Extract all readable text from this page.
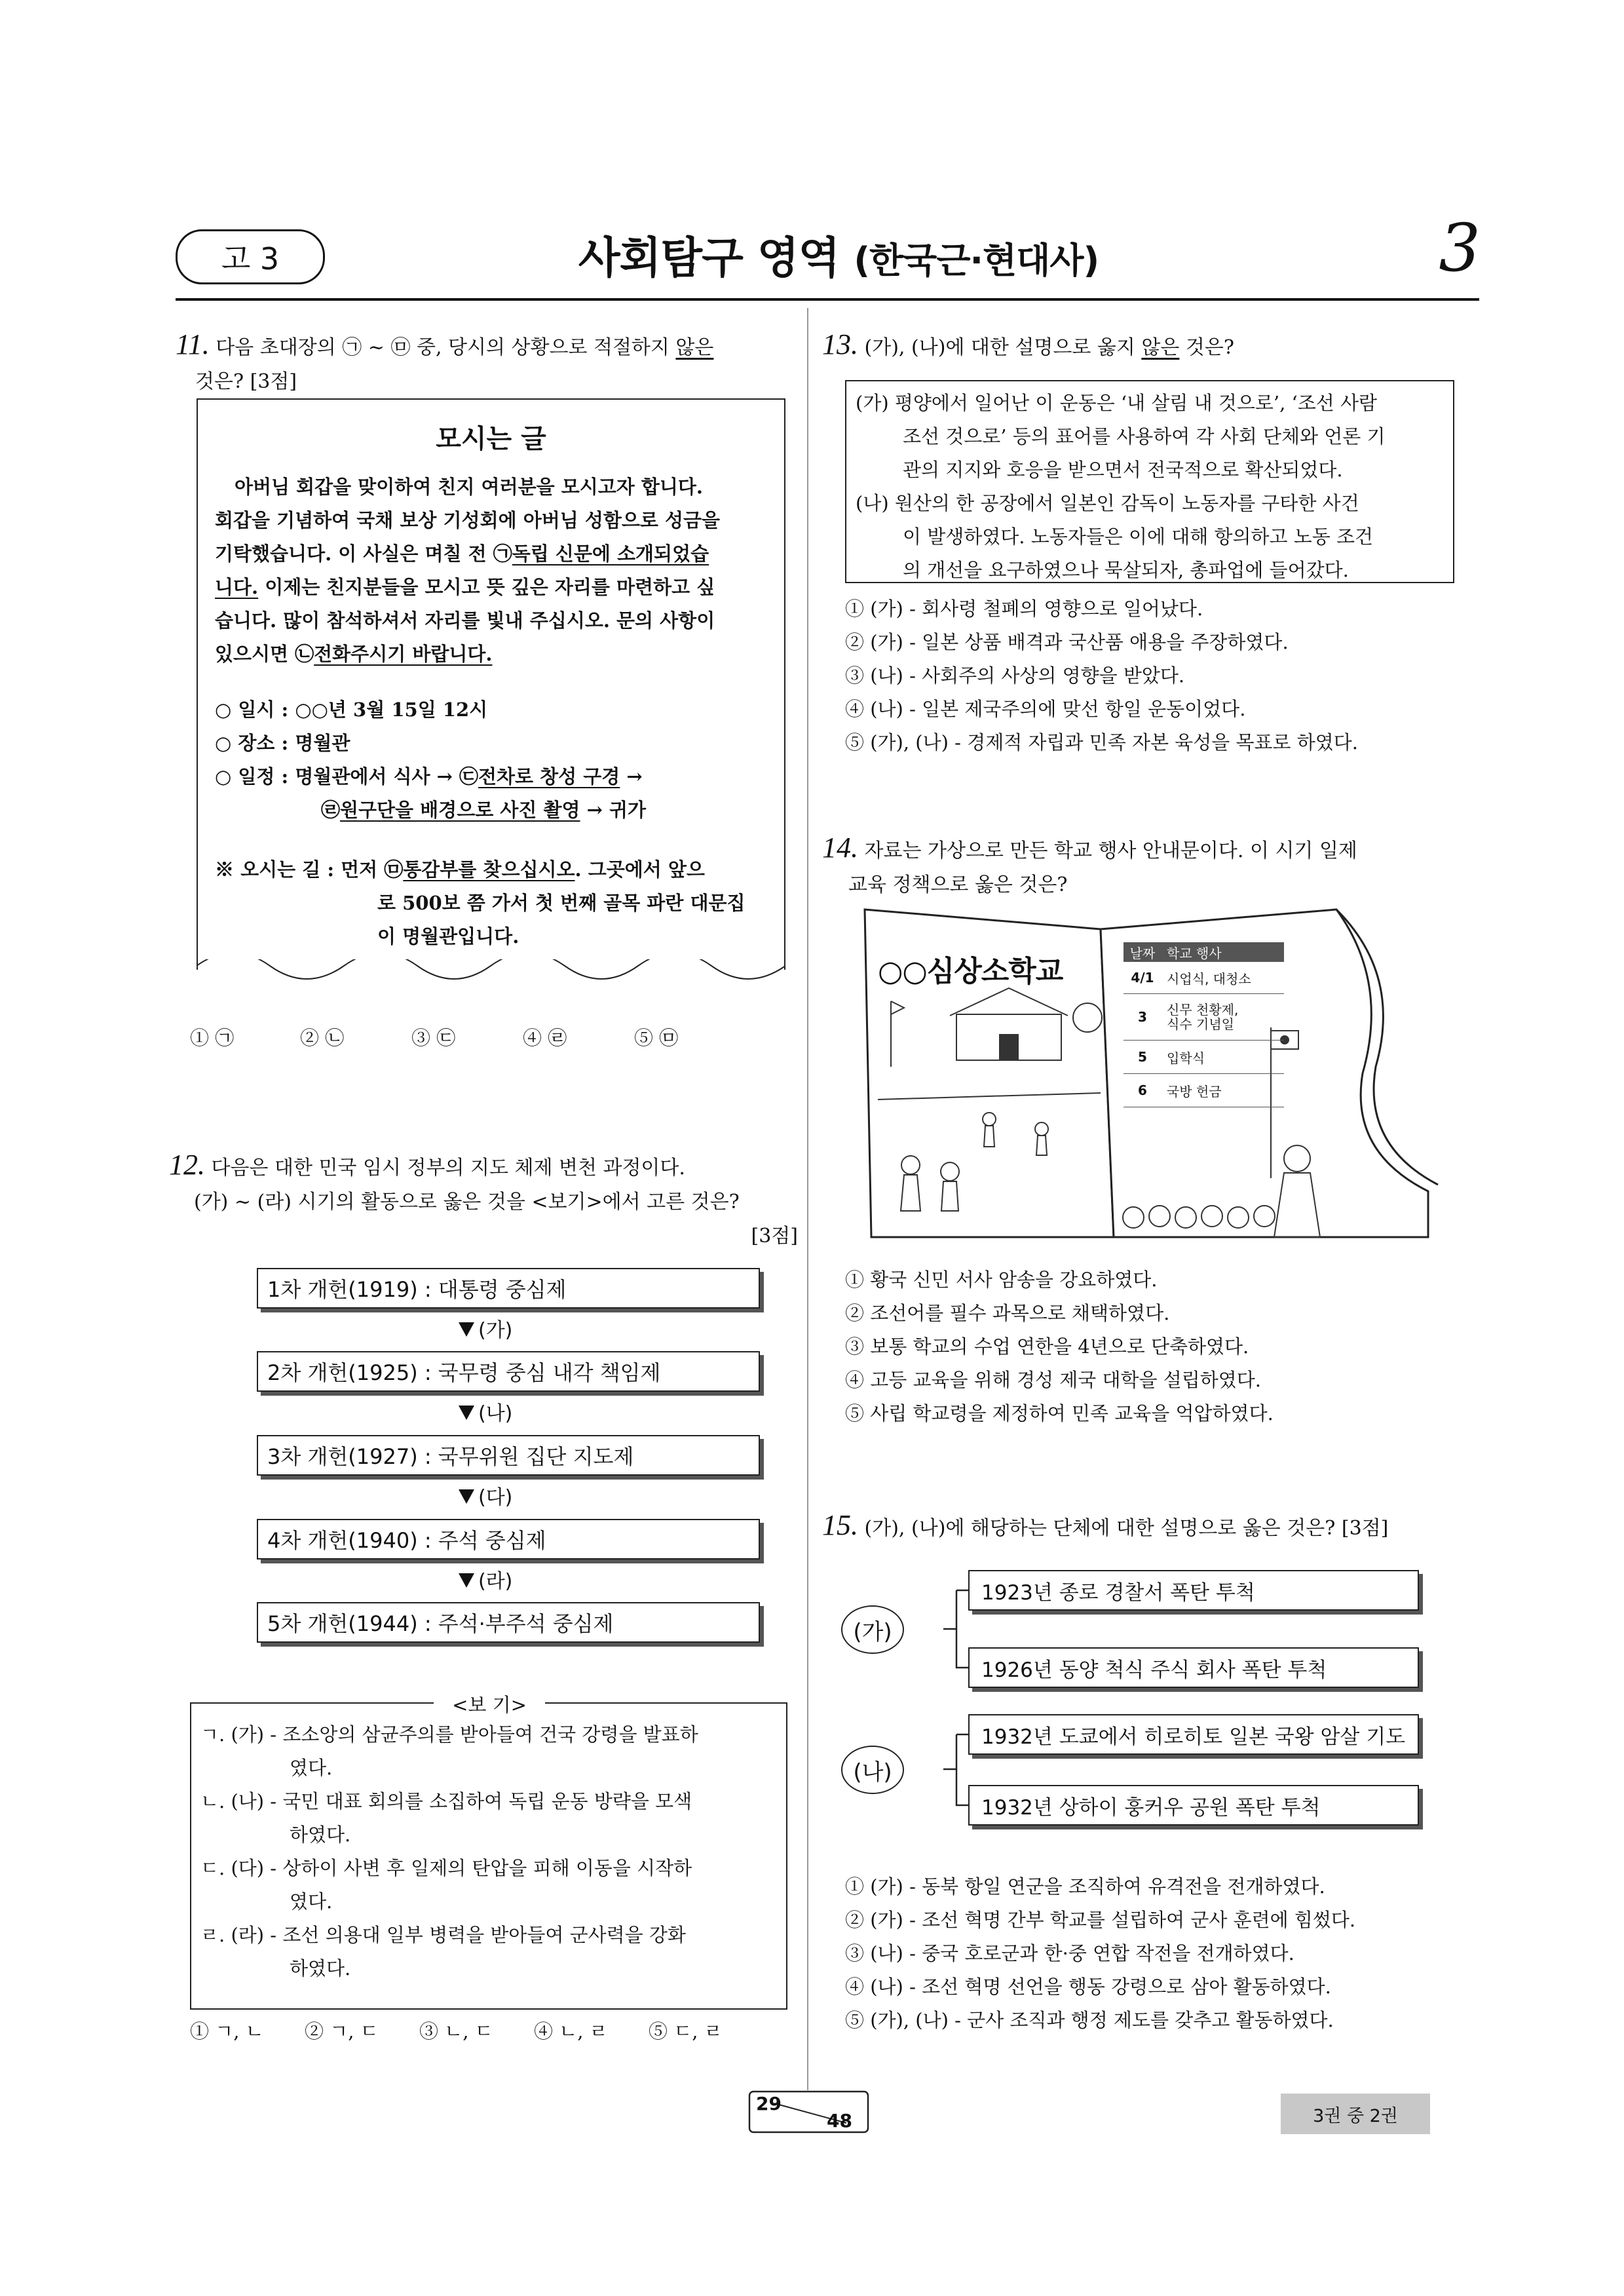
고 3	사회탐구 영역 (한국근·현대사)	3
11. 다음 초대장의 ㉠ ~ ㉤ 중, 당시의 상황으로 적절하지 않은
것은? [3점]
모시는 글
아버님 회갑을 맞이하여 친지 여러분을 모시고자 합니다.
회갑을 기념하여 국채 보상 기성회에 아버님 성함으로 성금을
기탁했습니다. 이 사실은 며칠 전 ㉠독립 신문에 소개되었습
니다. 이제는 친지분들을 모시고 뜻 깊은 자리를 마련하고 싶
습니다. 많이 참석하셔서 자리를 빛내 주십시오. 문의 사항이
있으시면 ㉡전화주시기 바랍니다.
○ 일시 : ○○년 3월 15일 12시
○ 장소 : 명월관
○ 일정 : 명월관에서 식사 → ㉢전차로 창성 구경 →
㉣원구단을 배경으로 사진 촬영 → 귀가
※ 오시는 길 : 먼저 ㉤통감부를 찾으십시오. 그곳에서 앞으
로 500보 쯤 가서 첫 번째 골목 파란 대문집
이 명월관입니다.
① ㉠	② ㉡	③ ㉢	④ ㉣	⑤ ㉤
12. 다음은 대한 민국 임시 정부의 지도 체제 변천 과정이다.
(가) ~ (라) 시기의 활동으로 옳은 것을 <보기>에서 고른 것은?
[3점]
1차 개헌(1919) : 대통령 중심제
(가)
2차 개헌(1925) : 국무령 중심 내각 책임제
(나)
3차 개헌(1927) : 국무위원 집단 지도제
(다)
4차 개헌(1940) : 주석 중심제
(라)
5차 개헌(1944) : 주석·부주석 중심제
<보 기>
ㄱ. (가) - 조소앙의 삼균주의를 받아들여 건국 강령을 발표하
였다.
ㄴ. (나) - 국민 대표 회의를 소집하여 독립 운동 방략을 모색
하였다.
ㄷ. (다) - 상하이 사변 후 일제의 탄압을 피해 이동을 시작하
였다.
ㄹ. (라) - 조선 의용대 일부 병력을 받아들여 군사력을 강화
하였다.
① ㄱ, ㄴ ② ㄱ, ㄷ ③ ㄴ, ㄷ ④ ㄴ, ㄹ ⑤ ㄷ, ㄹ
13. (가), (나)에 대한 설명으로 옳지 않은 것은?
(가) 평양에서 일어난 이 운동은 ‘내 살림 내 것으로’, ‘조선 사람
조선 것으로’ 등의 표어를 사용하여 각 사회 단체와 언론 기
관의 지지와 호응을 받으면서 전국적으로 확산되었다.
(나) 원산의 한 공장에서 일본인 감독이 노동자를 구타한 사건
이 발생하였다. 노동자들은 이에 대해 항의하고 노동 조건
의 개선을 요구하였으나 묵살되자, 총파업에 들어갔다.
① (가) - 회사령 철폐의 영향으로 일어났다.
② (가) - 일본 상품 배격과 국산품 애용을 주장하였다.
③ (나) - 사회주의 사상의 영향을 받았다.
④ (나) - 일본 제국주의에 맞선 항일 운동이었다.
⑤ (가), (나) - 경제적 자립과 민족 자본 육성을 목표로 하였다.
14. 자료는 가상으로 만든 학교 행사 안내문이다. 이 시기 일제
교육 정책으로 옳은 것은?
○○심상소학교
날짜 학교 행사
4/1 시업식, 대청소
3	신무 천황제,
식수 기념일
5	입학식
6	국방 헌금
① 황국 신민 서사 암송을 강요하였다.
② 조선어를 필수 과목으로 채택하였다.
③ 보통 학교의 수업 연한을 4년으로 단축하였다.
④ 고등 교육을 위해 경성 제국 대학을 설립하였다.
⑤ 사립 학교령을 제정하여 민족 교육을 억압하였다.
15. (가), (나)에 해당하는 단체에 대한 설명으로 옳은 것은? [3점]
(가)
(나)
1923년 종로 경찰서 폭탄 투척
1926년 동양 척식 주식 회사 폭탄 투척
1932년 도쿄에서 히로히토 일본 국왕 암살 기도
1932년 상하이 훙커우 공원 폭탄 투척
① (가) - 동북 항일 연군을 조직하여 유격전을 전개하였다.
② (가) - 조선 혁명 간부 학교를 설립하여 군사 훈련에 힘썼다.
③ (나) - 중국 호로군과 한·중 연합 작전을 전개하였다.
④ (나) - 조선 혁명 선언을 행동 강령으로 삼아 활동하였다.
⑤ (가), (나) - 군사 조직과 행정 제도를 갖추고 활동하였다.
29
48	3권 중 2권
